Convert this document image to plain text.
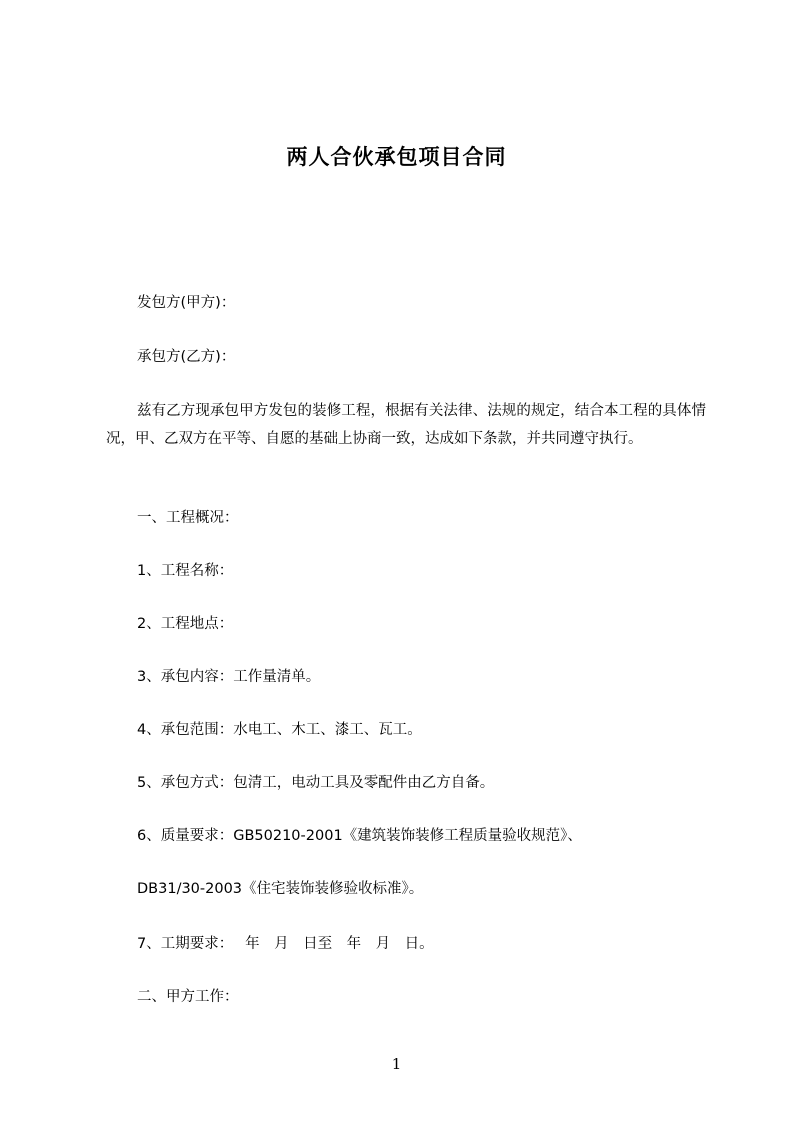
两人合伙承包项目合同
发包方(甲方)：
承包方(乙方)：
兹有乙方现承包甲方发包的装修工程，根据有关法律、法规的规定，结合本工程的具体情况，甲、乙双方在平等、自愿的基础上协商一致，达成如下条款，并共同遵守执行。
一、工程概况：
1、工程名称：
2、工程地点：
3、承包内容：工作量清单。
4、承包范围：水电工、木工、漆工、瓦工。
5、承包方式：包清工，电动工具及零配件由乙方自备。
6、质量要求：GB50210-2001《建筑装饰装修工程质量验收规范》、
DB31/30-2003《住宅装饰装修验收标准》。
7、工期要求：　 年　月　日至　年　月　日。
二、甲方工作：
1
